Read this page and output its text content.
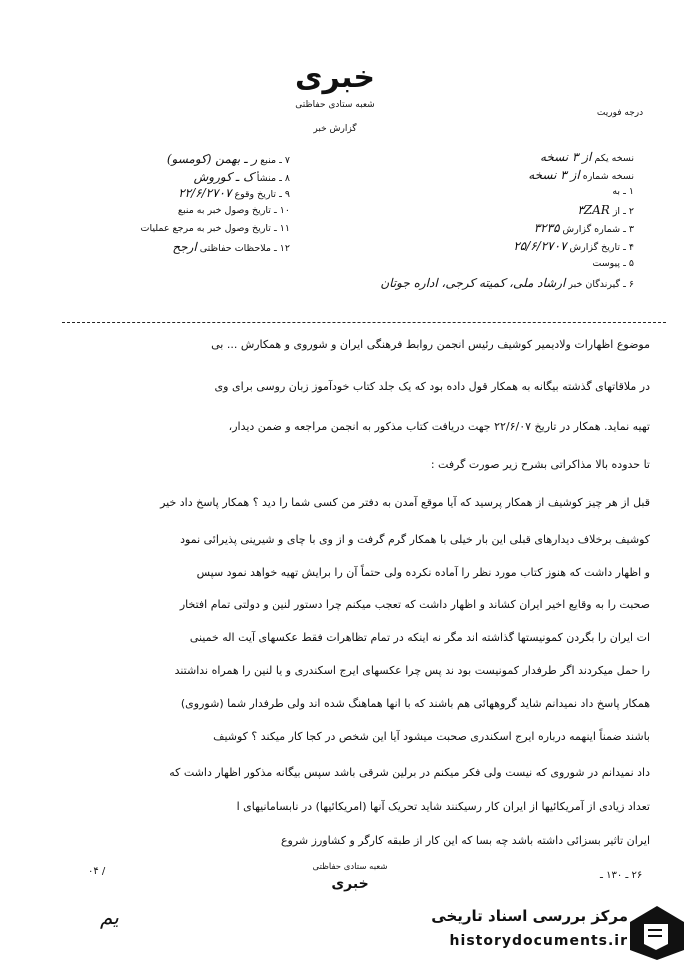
خبری
شعبه ستادی حفاظتی
گزارش خبر
درجه فوریت
۷ ـ منبع ر ـ بهمن (کومسو)
۸ ـ منشأ ک ـ کوروش
۹ ـ تاریخ وقوع ۲۲/۶/۲۷۰۷
۱۰ ـ تاریخ وصول خبر به منبع
۱۱ ـ تاریخ وصول خبر به مرجع عملیات
۱۲ ـ ملاحظات حفاظتی ارجح
نسخه یکم از ۳ نسخه
نسخه شماره از ۳ نسخه
۱ ـ به
۲ ـ از ۳ZAR
۳ ـ شماره گزارش ۳۲۳۵
۴ ـ تاریخ گزارش ۲۵/۶/۲۷۰۷
۵ ـ پیوست
۶ ـ گیرندگان خبر ارشاد ملی، کمیته کرجی، اداره جوتان
موضوع اظهارات ولادیمیر کوشیف رئیس انجمن روابط فرهنگی ایران و شوروی و همکارش ... بی
در ملاقاتهای گذشته بیگانه به همکار قول داده بود که یک جلد کتاب خودآموز زبان روسی برای وی
تهیه نماید. همکار در تاریخ ۲۲/۶/۰۷ جهت دریافت کتاب مذکور به انجمن مراجعه و ضمن دیدار،
تا حدوده بالا مذاکراتی بشرح زیر صورت گرفت :
قبل از هر چیز کوشیف از همکار پرسید که آیا موقع آمدن به دفتر من کسی شما را دید ؟ همکار پاسخ داد خیر
کوشیف برخلاف دیدارهای قبلی این بار خیلی با همکار گرم گرفت و از وی با چای و شیرینی پذیرائی نمود
و اظهار داشت که هنوز کتاب مورد نظر را آماده نکرده ولی حتماً آن را برایش تهیه خواهد نمود سپس
صحبت را به وقایع اخیر ایران کشاند و اظهار داشت که تعجب میکنم چرا دستور لنین و دولتی تمام افتخار
ات ایران را بگردن کمونیستها گذاشته اند مگر نه اینکه در تمام تظاهرات فقط عکسهای آیت اله خمینی
را حمل میکردند اگر طرفدار کمونیست بود ند پس چرا عکسهای ایرج اسکندری و یا لنین را همراه نداشتند
همکار پاسخ داد نمیدانم شاید گروههائی هم باشند که با انها هماهنگ شده اند ولی طرفدار شما (شوروی)
باشند ضمناً اینهمه درباره ایرج اسکندری صحبت میشود آیا این شخص در کجا کار میکند ؟ کوشیف
داد نمیدانم در شوروی که نیست ولی فکر میکنم در برلین شرقی باشد سپس بیگانه مذکور اظهار داشت که
تعداد زیادی از آمریکائیها از ایران کار رسیکنند شاید تحریک آنها (امریکائیها) در نابسامانیهای ا
ایران تاثیر بسزائی داشته باشد چه بسا که این کار از طبقه کارگر و کشاورز شروع
۰۴ /	شعبه ستادی حفاظتی
خبری
۲۶ ـ ۱۳۰ ـ
یم	مرکز بررسی اسناد تاریخی
historydocuments.ir
